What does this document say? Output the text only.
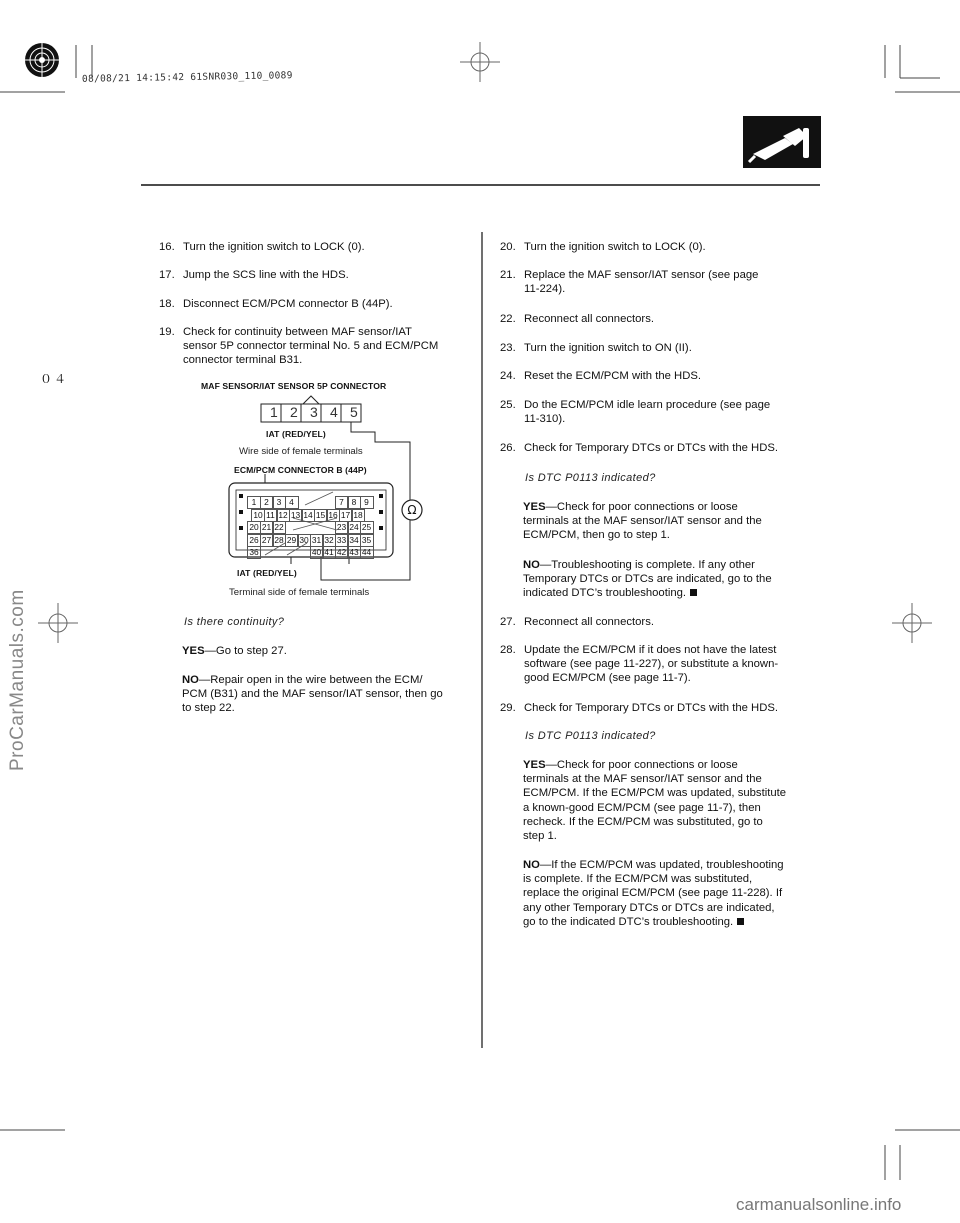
08/08/21 14:15:42 61SNR030_110_0089
０４
ProCarManuals.com
carmanualsonline.info
16. Turn the ignition switch to LOCK (0).
17. Jump the SCS line with the HDS.
18. Disconnect ECM/PCM connector B (44P).
19. Check for continuity between MAF sensor/IAT
sensor 5P connector terminal No. 5 and ECM/PCM
connector terminal B31.
MAF SENSOR/IAT SENSOR 5P CONNECTOR
1 2 3 4 5
IAT (RED/YEL)
Wire side of female terminals
ECM/PCM CONNECTOR B (44P)
1 2 3 4	7 8 9
10 11 12 13 14 15 16 17 18
20 21 22	23 24 25
26 27 28 29 30 31 32 33 34 35
36	40 41 42 43 44
IAT (RED/YEL)
Terminal side of female terminals
Ω
Is there continuity?
YES—Go to step 27.
NO—Repair open in the wire between the ECM/
PCM (B31) and the MAF sensor/IAT sensor, then go
to step 22.
20. Turn the ignition switch to LOCK (0).
21. Replace the MAF sensor/IAT sensor (see page
11-224).
22. Reconnect all connectors.
23. Turn the ignition switch to ON (II).
24. Reset the ECM/PCM with the HDS.
25. Do the ECM/PCM idle learn procedure (see page
11-310).
26. Check for Temporary DTCs or DTCs with the HDS.
Is DTC P0113 indicated?
YES—Check for poor connections or loose
terminals at the MAF sensor/IAT sensor and the
ECM/PCM, then go to step 1.
NO—Troubleshooting is complete. If any other
Temporary DTCs or DTCs are indicated, go to the
indicated DTC’s troubleshooting.
27. Reconnect all connectors.
28. Update the ECM/PCM if it does not have the latest
software (see page 11-227), or substitute a known-
good ECM/PCM (see page 11-7).
29. Check for Temporary DTCs or DTCs with the HDS.
Is DTC P0113 indicated?
YES—Check for poor connections or loose
terminals at the MAF sensor/IAT sensor and the
ECM/PCM. If the ECM/PCM was updated, substitute
a known-good ECM/PCM (see page 11-7), then
recheck. If the ECM/PCM was substituted, go to
step 1.
NO—If the ECM/PCM was updated, troubleshooting
is complete. If the ECM/PCM was substituted,
replace the original ECM/PCM (see page 11-228). If
any other Temporary DTCs or DTCs are indicated,
go to the indicated DTC’s troubleshooting.
